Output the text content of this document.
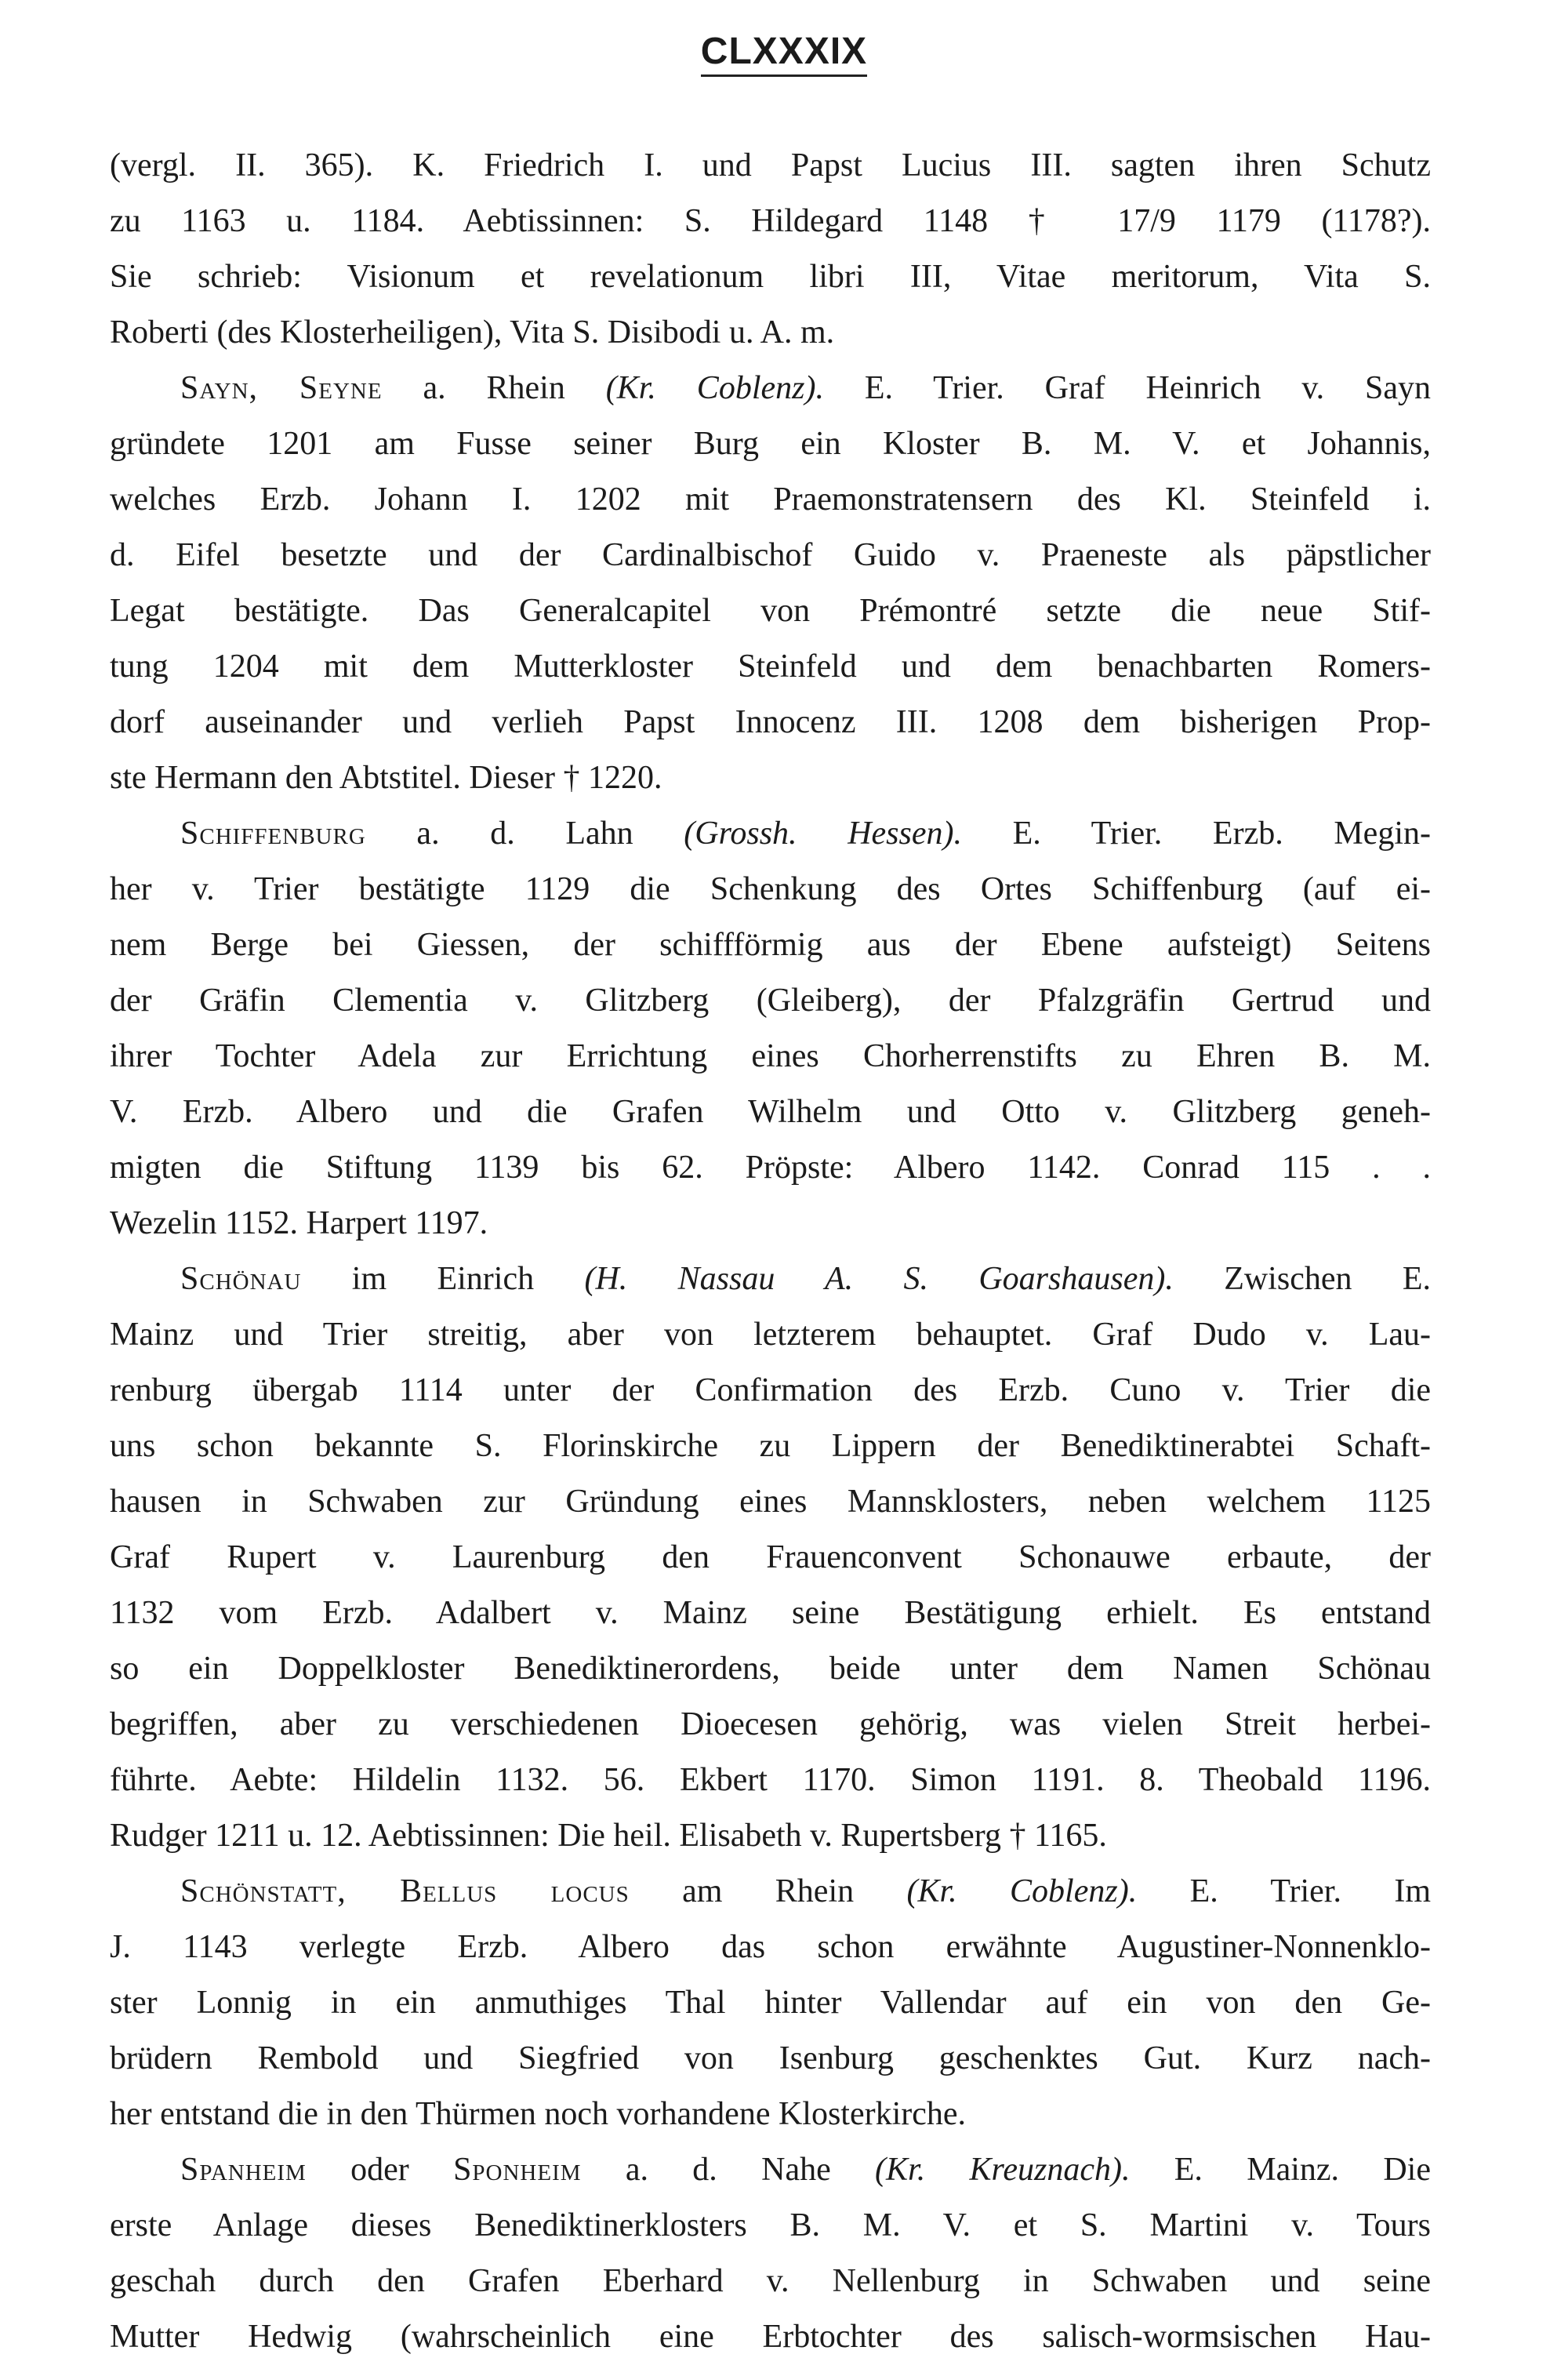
CLXXXIX
(vergl. II. 365). K. Friedrich I. und Papst Lucius III. sagten ihren Schutz
zu 1163 u. 1184. Aebtissinnen: S. Hildegard 1148 † 17/9 1179 (1178?).
Sie schrieb: Visionum et revelationum libri III, Vitae meritorum, Vita S.
Roberti (des Klosterheiligen), Vita S. Disibodi u. A. m.
Sayn, Seyne a. Rhein (Kr. Coblenz). E. Trier. Graf Heinrich v. Sayn
gründete 1201 am Fusse seiner Burg ein Kloster B. M. V. et Johannis,
welches Erzb. Johann I. 1202 mit Praemonstratensern des Kl. Steinfeld i.
d. Eifel besetzte und der Cardinalbischof Guido v. Praeneste als päpstlicher
Legat bestätigte. Das Generalcapitel von Prémontré setzte die neue Stif-
tung 1204 mit dem Mutterkloster Steinfeld und dem benachbarten Romers-
dorf auseinander und verlieh Papst Innocenz III. 1208 dem bisherigen Prop-
ste Hermann den Abtstitel. Dieser † 1220.
Schiffenburg a. d. Lahn (Grossh. Hessen). E. Trier. Erzb. Megin-
her v. Trier bestätigte 1129 die Schenkung des Ortes Schiffenburg (auf ei-
nem Berge bei Giessen, der schiffförmig aus der Ebene aufsteigt) Seitens
der Gräfin Clementia v. Glitzberg (Gleiberg), der Pfalzgräfin Gertrud und
ihrer Tochter Adela zur Errichtung eines Chorherrenstifts zu Ehren B. M.
V. Erzb. Albero und die Grafen Wilhelm und Otto v. Glitzberg geneh-
migten die Stiftung 1139 bis 62. Pröpste: Albero 1142. Conrad 115 . .
Wezelin 1152. Harpert 1197.
Schönau im Einrich (H. Nassau A. S. Goarshausen). Zwischen E.
Mainz und Trier streitig, aber von letzterem behauptet. Graf Dudo v. Lau-
renburg übergab 1114 unter der Confirmation des Erzb. Cuno v. Trier die
uns schon bekannte S. Florinskirche zu Lippern der Benediktinerabtei Schaft-
hausen in Schwaben zur Gründung eines Mannsklosters, neben welchem 1125
Graf Rupert v. Laurenburg den Frauenconvent Schonauwe erbaute, der
1132 vom Erzb. Adalbert v. Mainz seine Bestätigung erhielt. Es entstand
so ein Doppelkloster Benediktinerordens, beide unter dem Namen Schönau
begriffen, aber zu verschiedenen Dioecesen gehörig, was vielen Streit herbei-
führte. Aebte: Hildelin 1132. 56. Ekbert 1170. Simon 1191. 8. Theobald 1196.
Rudger 1211 u. 12. Aebtissinnen: Die heil. Elisabeth v. Rupertsberg † 1165.
Schönstatt, Bellus locus am Rhein (Kr. Coblenz). E. Trier. Im
J. 1143 verlegte Erzb. Albero das schon erwähnte Augustiner-Nonnenklo-
ster Lonnig in ein anmuthiges Thal hinter Vallendar auf ein von den Ge-
brüdern Rembold und Siegfried von Isenburg geschenktes Gut. Kurz nach-
her entstand die in den Thürmen noch vorhandene Klosterkirche.
Spanheim oder Sponheim a. d. Nahe (Kr. Kreuznach). E. Mainz. Die
erste Anlage dieses Benediktinerklosters B. M. V. et S. Martini v. Tours
geschah durch den Grafen Eberhard v. Nellenburg in Schwaben und seine
Mutter Hedwig (wahrscheinlich eine Erbtochter des salisch-wormsischen Hau-
